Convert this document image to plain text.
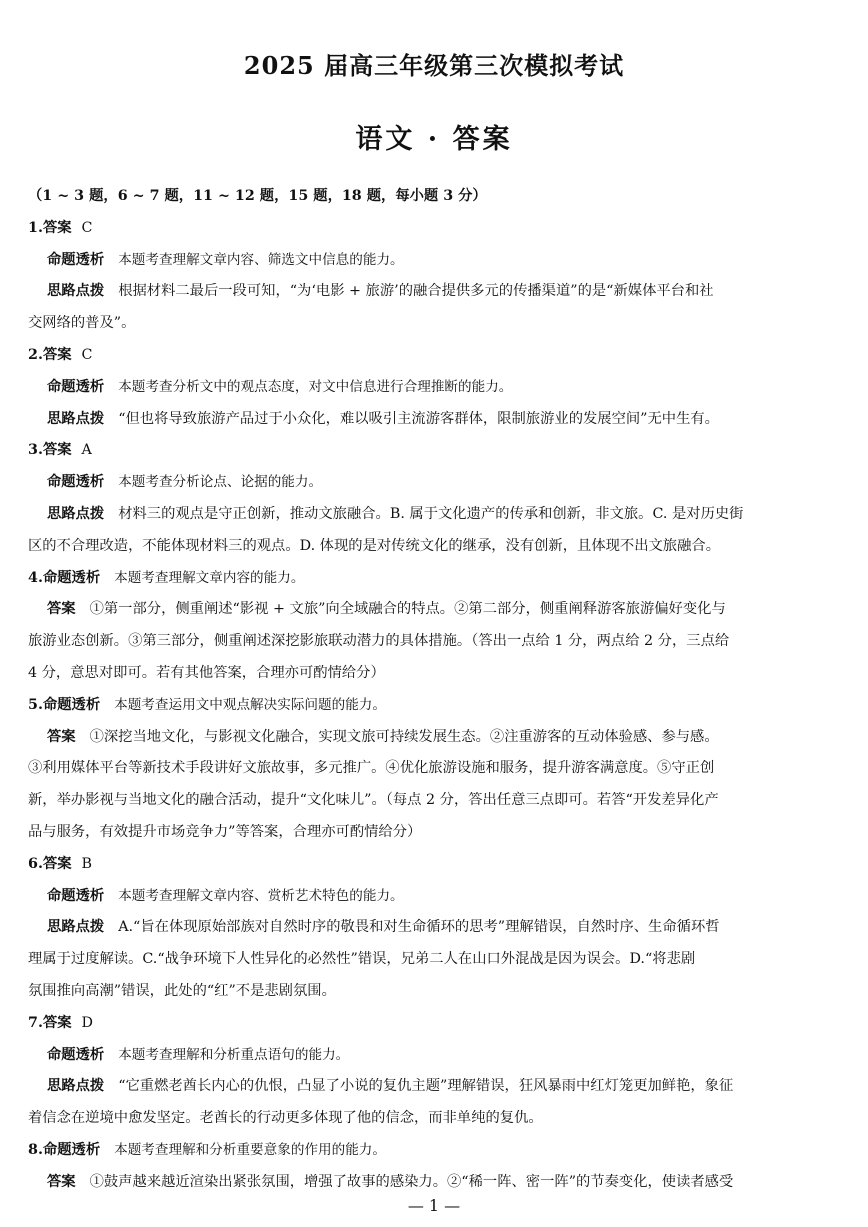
2025 届高三年级第三次模拟考试
语文 · 答案
（1 ~ 3 题，6 ~ 7 题，11 ~ 12 题，15 题，18 题，每小题 3 分）
1.答案 C
命题透析 本题考查理解文章内容、筛选文中信息的能力。
思路点拨 根据材料二最后一段可知，“为‘电影 + 旅游’的融合提供多元的传播渠道”的是“新媒体平台和社
交网络的普及”。
2.答案 C
命题透析 本题考查分析文中的观点态度，对文中信息进行合理推断的能力。
思路点拨 “但也将导致旅游产品过于小众化，难以吸引主流游客群体，限制旅游业的发展空间”无中生有。
3.答案 A
命题透析 本题考查分析论点、论据的能力。
思路点拨 材料三的观点是守正创新，推动文旅融合。B. 属于文化遗产的传承和创新，非文旅。C. 是对历史街
区的不合理改造，不能体现材料三的观点。D. 体现的是对传统文化的继承，没有创新，且体现不出文旅融合。
4.命题透析 本题考查理解文章内容的能力。
答案 ①第一部分，侧重阐述“影视 + 文旅”向全域融合的特点。②第二部分，侧重阐释游客旅游偏好变化与
旅游业态创新。③第三部分，侧重阐述深挖影旅联动潜力的具体措施。（答出一点给 1 分，两点给 2 分，三点给
4 分，意思对即可。若有其他答案，合理亦可酌情给分）
5.命题透析 本题考查运用文中观点解决实际问题的能力。
答案 ①深挖当地文化，与影视文化融合，实现文旅可持续发展生态。②注重游客的互动体验感、参与感。
③利用媒体平台等新技术手段讲好文旅故事，多元推广。④优化旅游设施和服务，提升游客满意度。⑤守正创
新，举办影视与当地文化的融合活动，提升“文化味儿”。（每点 2 分，答出任意三点即可。若答“开发差异化产
品与服务，有效提升市场竞争力”等答案，合理亦可酌情给分）
6.答案 B
命题透析 本题考查理解文章内容、赏析艺术特色的能力。
思路点拨 A.“旨在体现原始部族对自然时序的敬畏和对生命循环的思考”理解错误，自然时序、生命循环哲
理属于过度解读。C.“战争环境下人性异化的必然性”错误，兄弟二人在山口外混战是因为误会。D.“将悲剧
氛围推向高潮”错误，此处的“红”不是悲剧氛围。
7.答案 D
命题透析 本题考查理解和分析重点语句的能力。
思路点拨 “它重燃老酋长内心的仇恨，凸显了小说的复仇主题”理解错误，狂风暴雨中红灯笼更加鲜艳，象征
着信念在逆境中愈发坚定。老酋长的行动更多体现了他的信念，而非单纯的复仇。
8.命题透析 本题考查理解和分析重要意象的作用的能力。
答案 ①鼓声越来越近渲染出紧张氛围，增强了故事的感染力。②“稀一阵、密一阵”的节奏变化，使读者感受
— 1 —
